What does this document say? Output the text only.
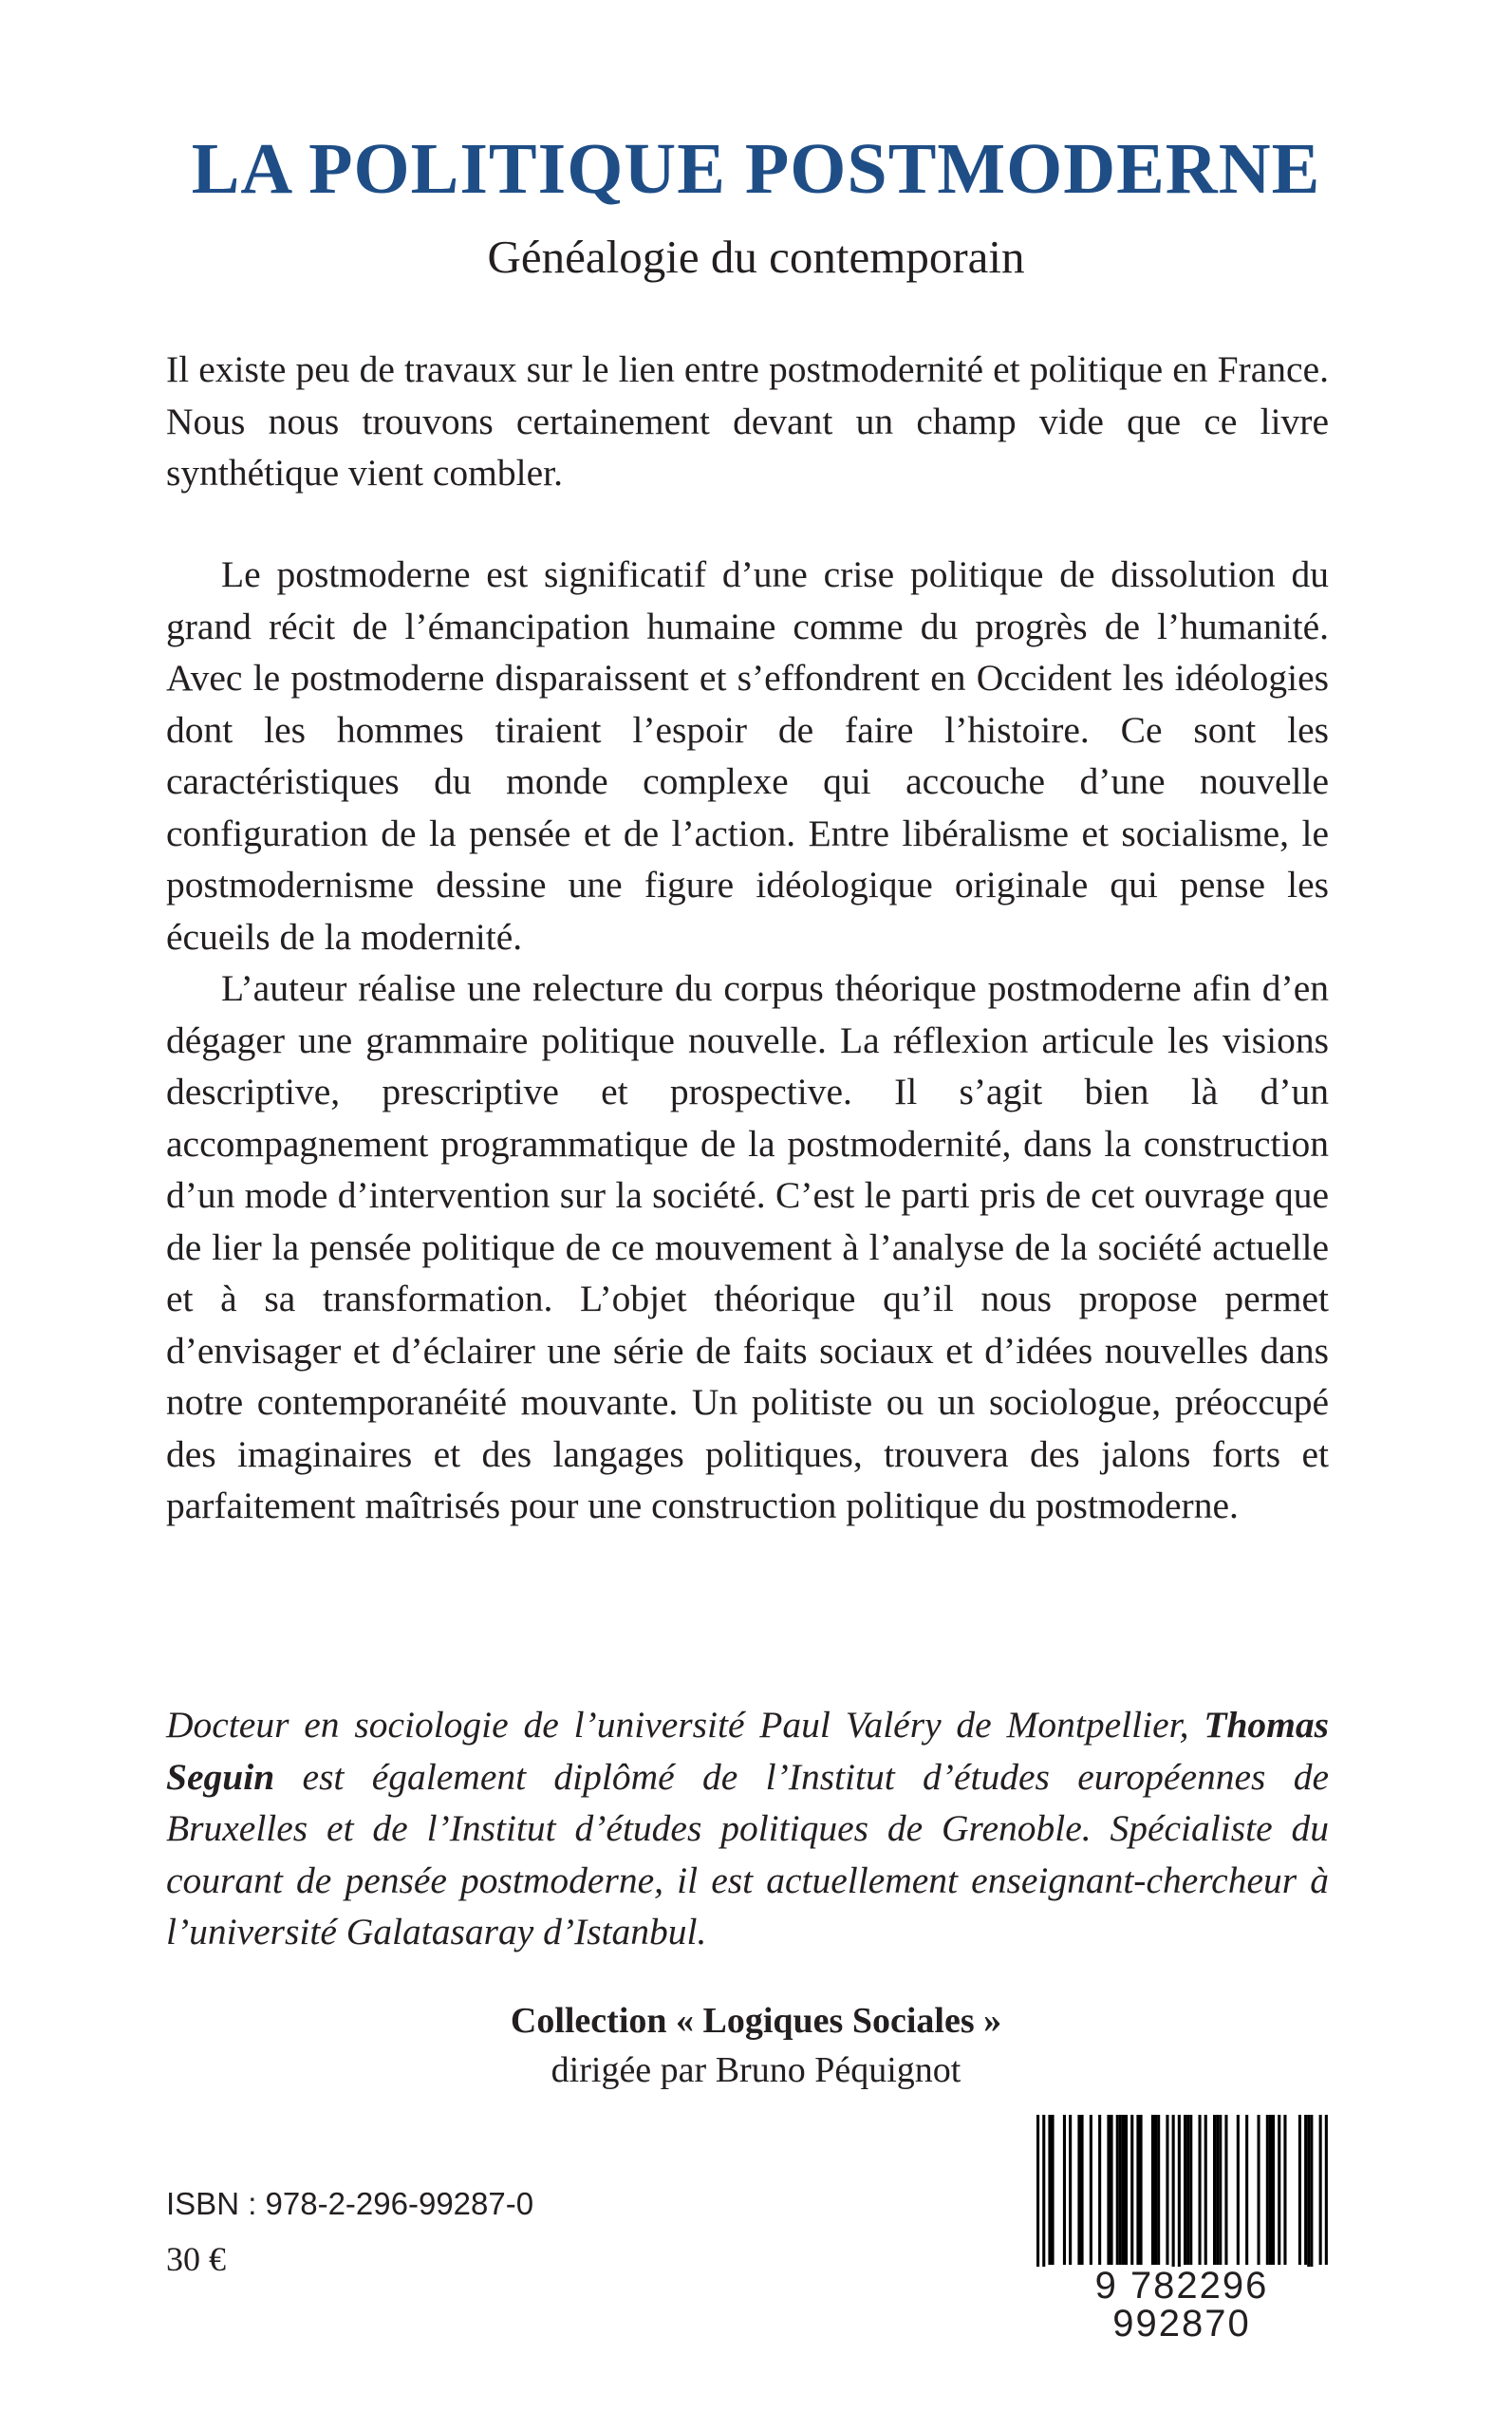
LA POLITIQUE POSTMODERNE
Généalogie du contemporain

Il existe peu de travaux sur le lien entre postmodernité et politique en France. Nous nous trouvons certainement devant un champ vide que ce livre synthétique vient combler.

Le postmoderne est significatif d’une crise politique de dissolution du grand récit de l’émancipation humaine comme du progrès de l’humanité. Avec le postmoderne disparaissent et s’effondrent en Occident les idéologies dont les hommes tiraient l’espoir de faire l’histoire. Ce sont les caractéristiques du monde complexe qui accouche d’une nouvelle configuration de la pensée et de l’action. Entre libéralisme et socialisme, le postmodernisme dessine une figure idéologique originale qui pense les écueils de la modernité.

L’auteur réalise une relecture du corpus théorique postmoderne afin d’en dégager une grammaire politique nouvelle. La réflexion articule les visions descriptive, prescriptive et prospective. Il s’agit bien là d’un accompagnement programmatique de la postmodernité, dans la construction d’un mode d’intervention sur la société. C’est le parti pris de cet ouvrage que de lier la pensée politique de ce mouvement à l’analyse de la société actuelle et à sa transformation. L’objet théorique qu’il nous propose permet d’envisager et d’éclairer une série de faits sociaux et d’idées nouvelles dans notre contemporanéité mouvante. Un politiste ou un sociologue, préoccupé des imaginaires et des langages politiques, trouvera des jalons forts et parfaitement maîtrisés pour une construction politique du postmoderne.

Docteur en sociologie de l’université Paul Valéry de Montpellier, Thomas Seguin est également diplômé de l’Institut d’études européennes de Bruxelles et de l’Institut d’études politiques de Grenoble. Spécialiste du courant de pensée postmoderne, il est actuellement enseignant-chercheur à l’université Galatasaray d’Istanbul.
Collection « Logiques Sociales »
dirigée par Bruno Péquignot
ISBN : 978-2-296-99287-0
30 €
9 782296 992870
